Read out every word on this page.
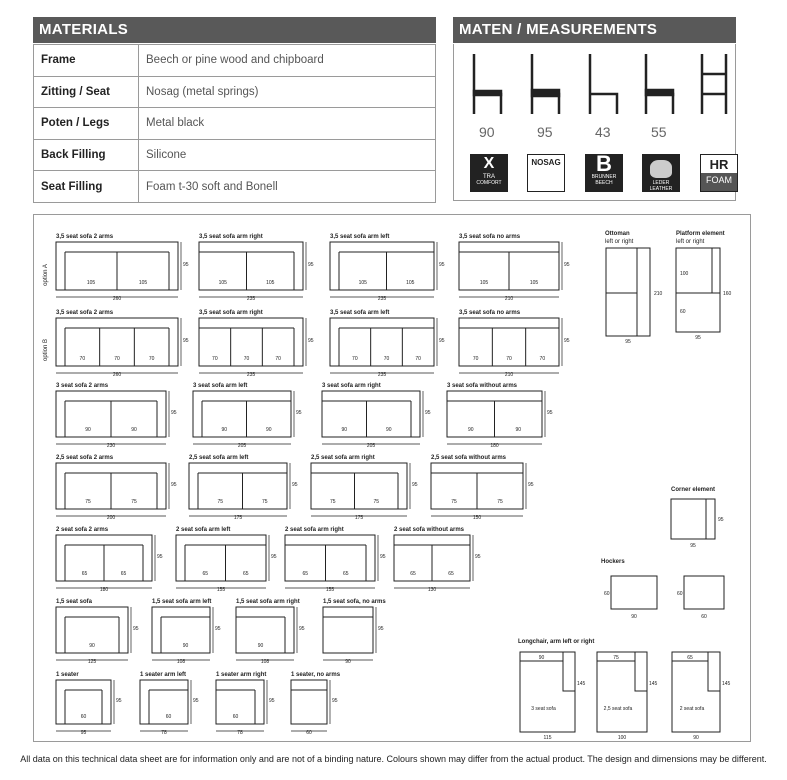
MATERIALS
Frame	Beech or pine wood and chipboard
Zitting / Seat	Nosag (metal springs)
Poten / Legs	Metal black
Back Filling	Silicone
Seat Filling	Foam t-30 soft and Bonell
MATEN / MEASUREMENTS
90	95	43	55
X
TRA
COMFORT
NOSAG	B
BRUNNER BEECH	LEDER LEATHER
HR
FOAM
3,5 seat sofa 2 arms
105	105
260
95
3,5 seat sofa arm right
105	105
235
95
3,5 seat sofa arm left
105	105
235
95
3,5 seat sofa no arms
105	105
210
95
3,5 seat sofa 2 arms
70	70	70
260
95
3,5 seat sofa arm right
70	70	70
235
95
3,5 seat sofa arm left
70	70	70
235
95
3,5 seat sofa no arms
70	70	70
210
95
3 seat sofa 2 arms
90	90
230
95
3 seat sofa arm left
90	90
205
95
3 seat sofa arm right
90	90
205
95
3 seat sofa without arms
90	90
180
95
2,5 seat sofa 2 arms
75	75
200
95
2,5 seat sofa arm left
75	75
175
95
2,5 seat sofa arm right
75	75
175
95
2,5 seat sofa without arms
75	75
150
95
2 seat sofa 2 arms
65	65
180
95
2 seat sofa arm left
65	65
155
95
2 seat sofa arm right
65	65
155
95
2 seat sofa without arms
65	65
130
95
1,5 seat sofa
90
125
95
1,5 seat sofa arm left
90
108
95
1,5 seat sofa arm right
90
108
95
1,5 seat sofa, no arms
90
95
1 seater
60
95
95
1 seater arm left
60
78
95
1 seater arm right
60
78
95
1 seater, no arms
60
95
option A
option B
Ottoman
left or right
210
95
Platform element
left or right
100
60
160
95
Corner element
95
95
Hockers
60
90
60
60
Longchair, arm left or right
90
3 seat sofa
145
115
75
2,5 seat sofa
145
100
65
2 seat sofa
145
90
All data on this technical data sheet are for information only and are not of a binding nature. Colours shown may differ from the actual product. The design and dimensions may be different.
